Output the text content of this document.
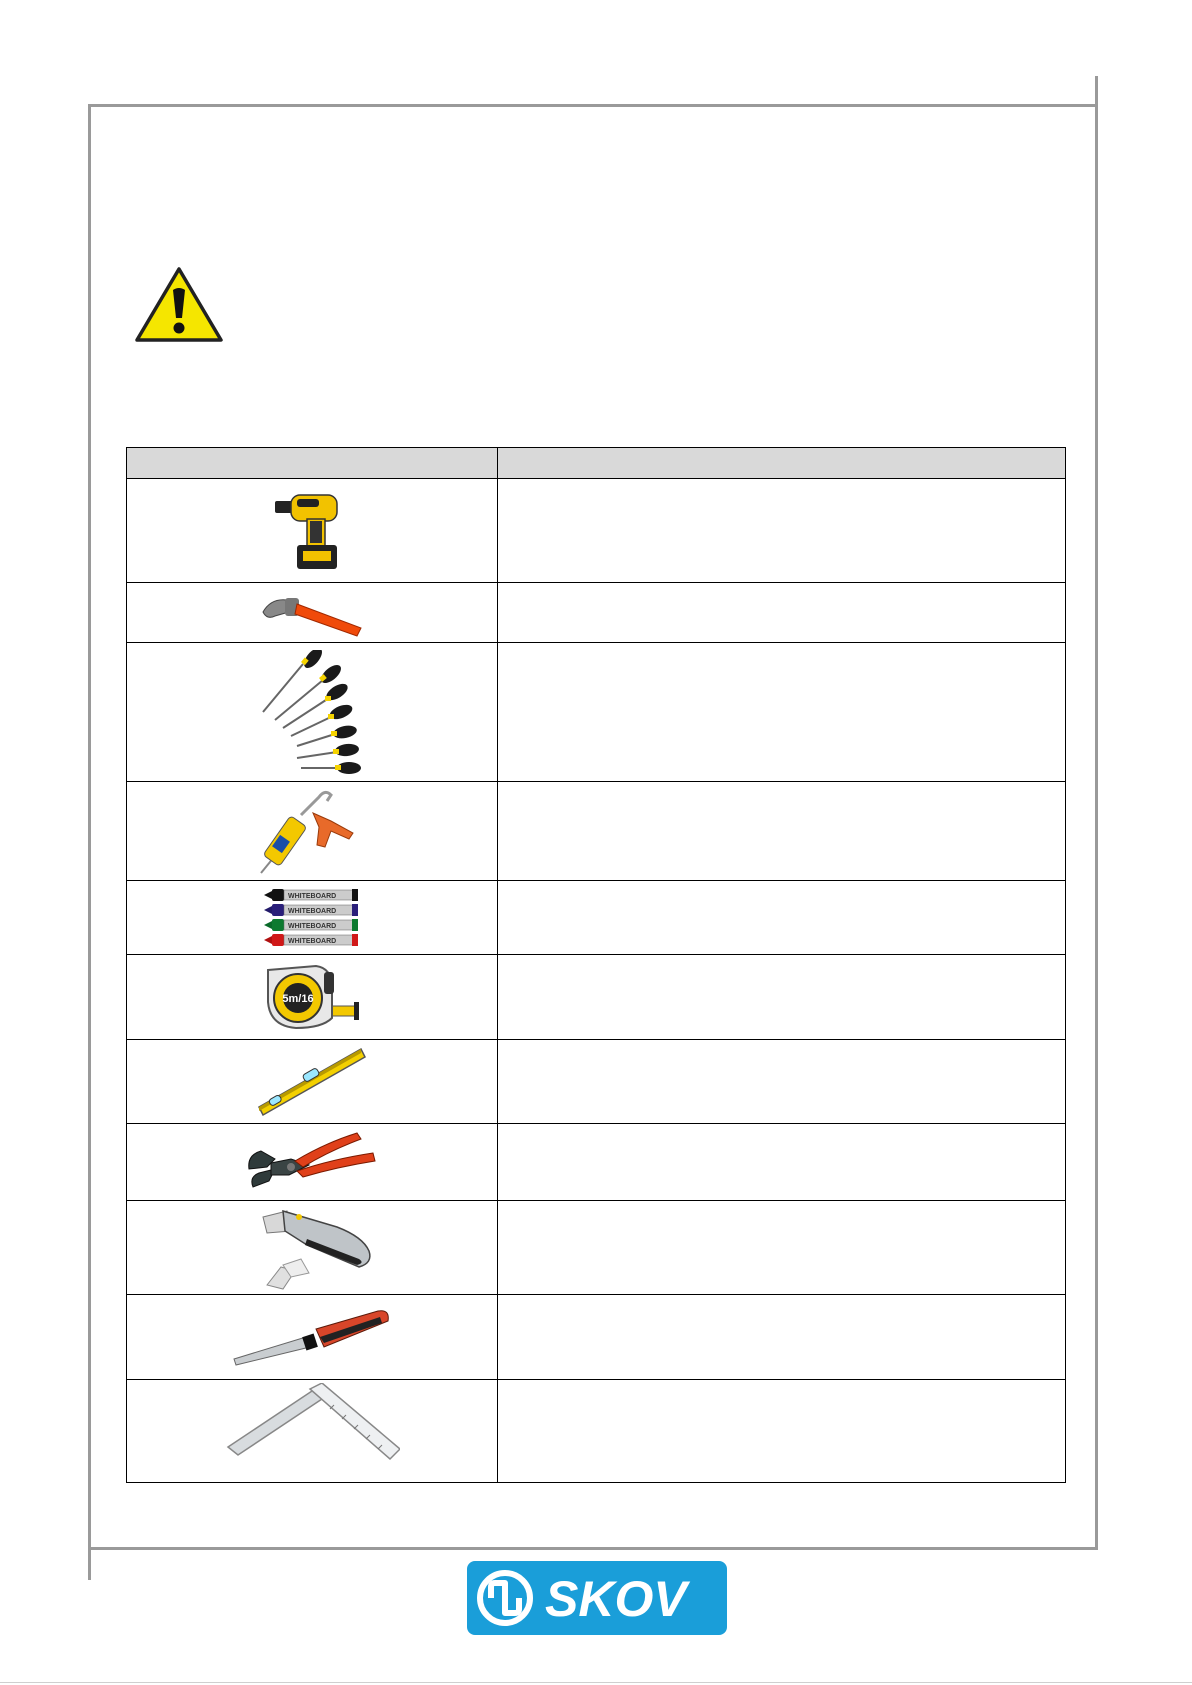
WHITEBOARD
WHITEBOARD
WHITEBOARD
WHITEBOARD	

5m/16	

SKOV
